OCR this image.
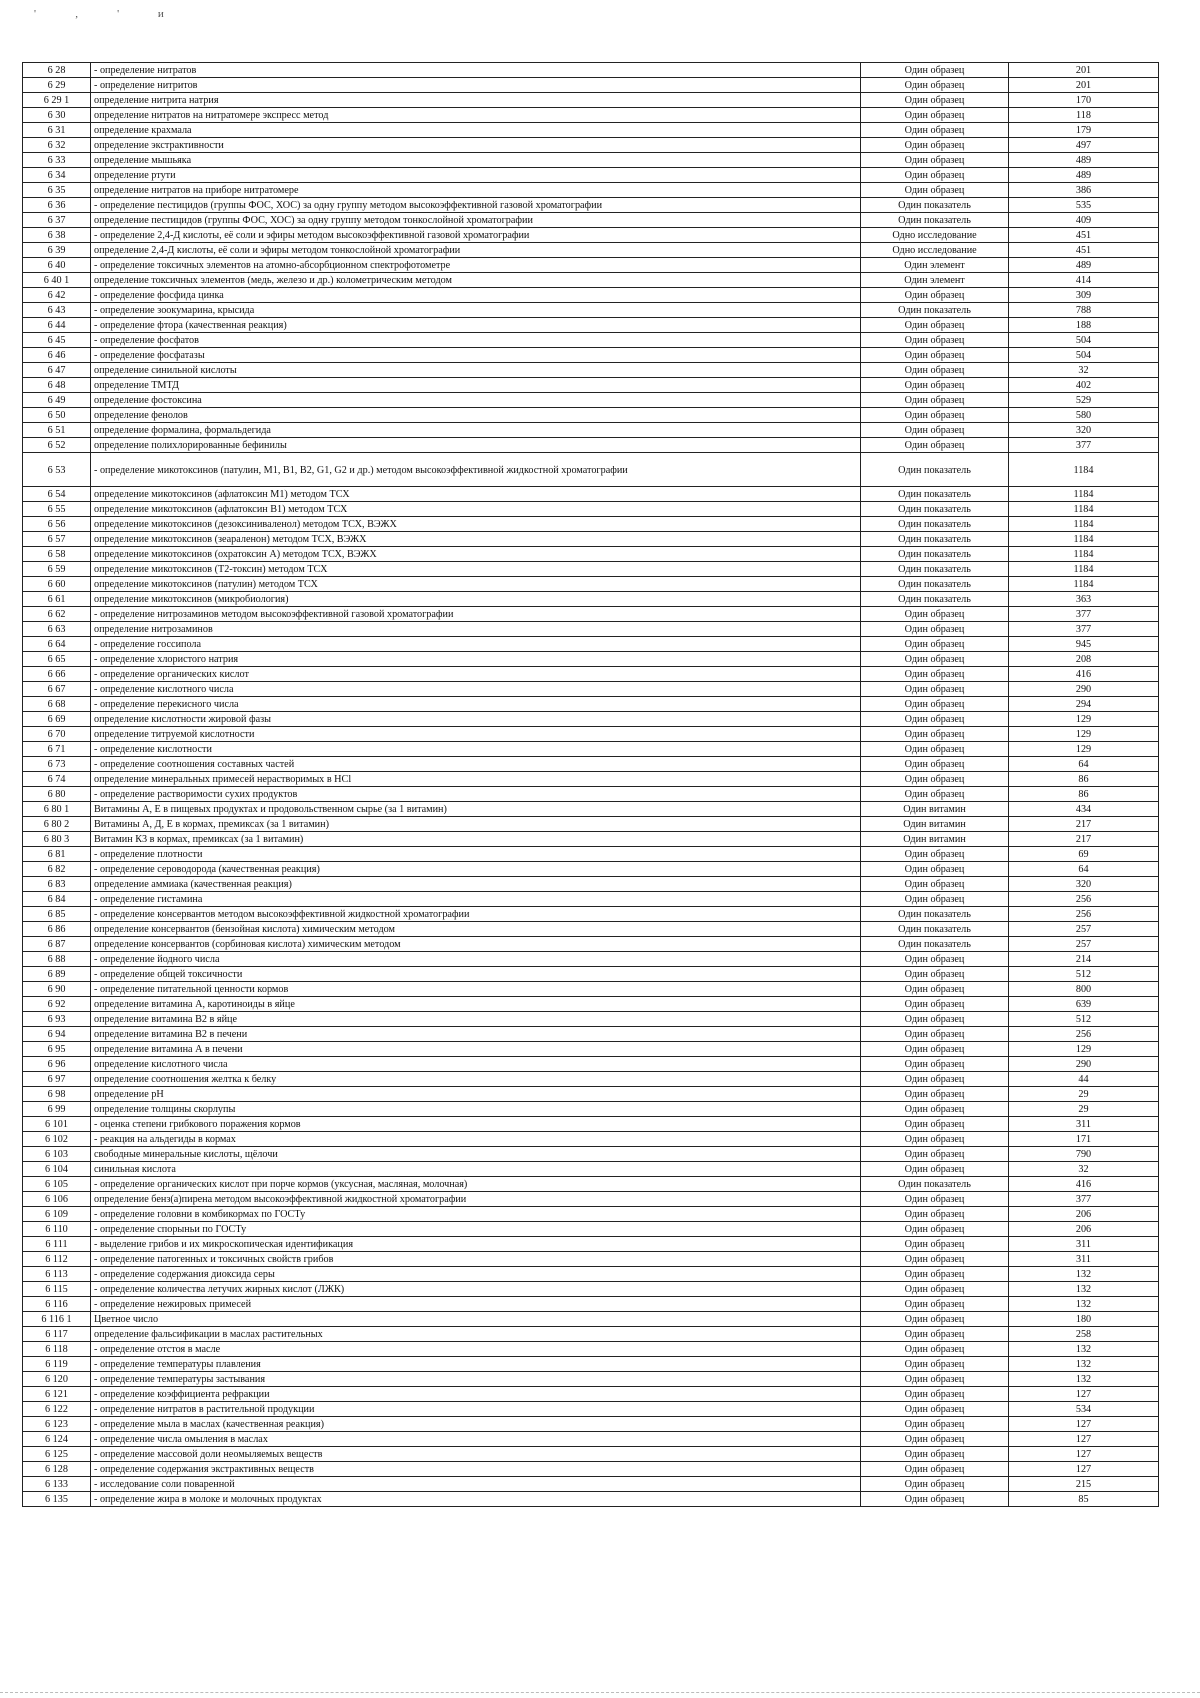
' ‚ ' и
6 28	- определение нитратов	Один образец	201
6 29	- определение нитритов	Один образец	201
6 29 1	определение нитрита натрия	Один образец	170
6 30	определение нитратов на нитратомере экспресс метод	Один образец	118
6 31	определение крахмала	Один образец	179
6 32	определение экстрактивности	Один образец	497
6 33	определение мышьяка	Один образец	489
6 34	определение ртути	Один образец	489
6 35	определение нитратов на приборе нитратомере	Один образец	386
6 36	- определение пестицидов (группы ФОС, ХОС) за одну группу методом высокоэффективной газовой хроматографии	Один показатель	535
6 37	определение пестицидов (группы ФОС, ХОС) за одну группу методом тонкослойной хроматографии	Один показатель	409
6 38	- определение 2,4-Д кислоты, её соли и эфиры методом высокоэффективной газовой хроматографии	Одно исследование	451
6 39	определение 2,4-Д кислоты, её соли и эфиры методом тонкослойной хроматографии	Одно исследование	451
6 40	- определение токсичных элементов на атомно-абсорбционном спектрофотометре	Один элемент	489
6 40 1	определение токсичных элементов (медь, железо и др.) колометрическим методом	Один элемент	414
6 42	- определение фосфида цинка	Один образец	309
6 43	- определение зоокумарина, крысида	Один показатель	788
6 44	- определение фтора (качественная реакция)	Один образец	188
6 45	- определение фосфатов	Один образец	504
6 46	- определение фосфатазы	Один образец	504
6 47	определение синильной кислоты	Один образец	32
6 48	определение ТМТД	Один образец	402
6 49	определение фостоксина	Один образец	529
6 50	определение фенолов	Один образец	580
6 51	определение формалина, формальдегида	Один образец	320
6 52	определение полихлорированные бефинилы	Один образец	377
6 53	- определение микотоксинов (патулин, М1, В1, В2, G1, G2 и др.) методом высокоэффективной жидкостной хроматографии	Один показатель	1184
6 54	определение микотоксинов (афлатоксин М1) методом ТСХ	Один показатель	1184
6 55	определение микотоксинов (афлатоксин В1) методом ТСХ	Один показатель	1184
6 56	определение микотоксинов (дезоксиниваленол) методом ТСХ, ВЭЖХ	Один показатель	1184
6 57	определение микотоксинов (зеараленон) методом ТСХ, ВЭЖХ	Один показатель	1184
6 58	определение микотоксинов (охратоксин А) методом ТСХ, ВЭЖХ	Один показатель	1184
6 59	определение микотоксинов (Т2-токсин) методом ТСХ	Один показатель	1184
6 60	определение микотоксинов (патулин) методом ТСХ	Один показатель	1184
6 61	определение микотоксинов (микробиология)	Один показатель	363
6 62	- определение нитрозаминов методом высокоэффективной газовой хроматографии	Один образец	377
6 63	определение нитрозаминов	Один образец	377
6 64	- определение госсипола	Один образец	945
6 65	- определение хлористого натрия	Один образец	208
6 66	- определение органических кислот	Один образец	416
6 67	- определение кислотного числа	Один образец	290
6 68	- определение перекисного числа	Один образец	294
6 69	определение кислотности жировой фазы	Один образец	129
6 70	определение титруемой кислотности	Один образец	129
6 71	- определение кислотности	Один образец	129
6 73	- определение соотношения составных частей	Один образец	64
6 74	определение минеральных примесей нерастворимых в HCl	Один образец	86
6 80	- определение растворимости сухих продуктов	Один образец	86
6 80 1	Витамины А, Е в пищевых продуктах и продовольственном сырье (за 1 витамин)	Один витамин	434
6 80 2	Витамины А, Д, Е в кормах, премиксах (за 1 витамин)	Один витамин	217
6 80 3	Витамин К3 в кормах, премиксах (за 1 витамин)	Один витамин	217
6 81	- определение плотности	Один образец	69
6 82	- определение сероводорода (качественная реакция)	Один образец	64
6 83	определение аммиака (качественная реакция)	Один образец	320
6 84	- определение гистамина	Один образец	256
6 85	- определение консервантов методом высокоэффективной жидкостной хроматографии	Один показатель	256
6 86	определение консервантов (бензойная кислота) химическим методом	Один показатель	257
6 87	определение консервантов (сорбиновая кислота) химическим методом	Один показатель	257
6 88	- определение йодного числа	Один образец	214
6 89	- определение общей токсичности	Один образец	512
6 90	- определение питательной ценности кормов	Один образец	800
6 92	определение витамина А, каротиноиды в яйце	Один образец	639
6 93	определение витамина В2 в яйце	Один образец	512
6 94	определение витамина В2 в печени	Один образец	256
6 95	определение витамина А в печени	Один образец	129
6 96	определение кислотного числа	Один образец	290
6 97	определение соотношения желтка к белку	Один образец	44
6 98	определение рН	Один образец	29
6 99	определение толщины скорлупы	Один образец	29
6 101	- оценка степени грибкового поражения кормов	Один образец	311
6 102	- реакция на альдегиды в кормах	Один образец	171
6 103	свободные минеральные кислоты, щёлочи	Один образец	790
6 104	синильная кислота	Один образец	32
6 105	- определение органических кислот при порче кормов (уксусная, масляная, молочная)	Один показатель	416
6 106	определение бенз(а)пирена методом высокоэффективной жидкостной хроматографии	Один образец	377
6 109	- определение головни в комбикормах по ГОСТу	Один образец	206
6 110	- определение спорыньи по ГОСТу	Один образец	206
6 111	- выделение грибов и их микроскопическая идентификация	Один образец	311
6 112	- определение патогенных и токсичных свойств грибов	Один образец	311
6 113	- определение содержания диоксида серы	Один образец	132
6 115	- определение количества летучих жирных кислот (ЛЖК)	Один образец	132
6 116	- определение нежировых примесей	Один образец	132
6 116 1	Цветное число	Один образец	180
6 117	определение фальсификации в маслах растительных	Один образец	258
6 118	- определение отстоя в масле	Один образец	132
6 119	- определение температуры плавления	Один образец	132
6 120	- определение температуры застывания	Один образец	132
6 121	- определение коэффициента рефракции	Один образец	127
6 122	- определение нитратов в растительной продукции	Один образец	534
6 123	- определение мыла в маслах (качественная реакция)	Один образец	127
6 124	- определение числа омыления в маслах	Один образец	127
6 125	- определение массовой доли неомыляемых веществ	Один образец	127
6 128	- определение содержания экстрактивных веществ	Один образец	127
6 133	- исследование соли поваренной	Один образец	215
6 135	- определение жира в молоке и молочных продуктах	Один образец	85
